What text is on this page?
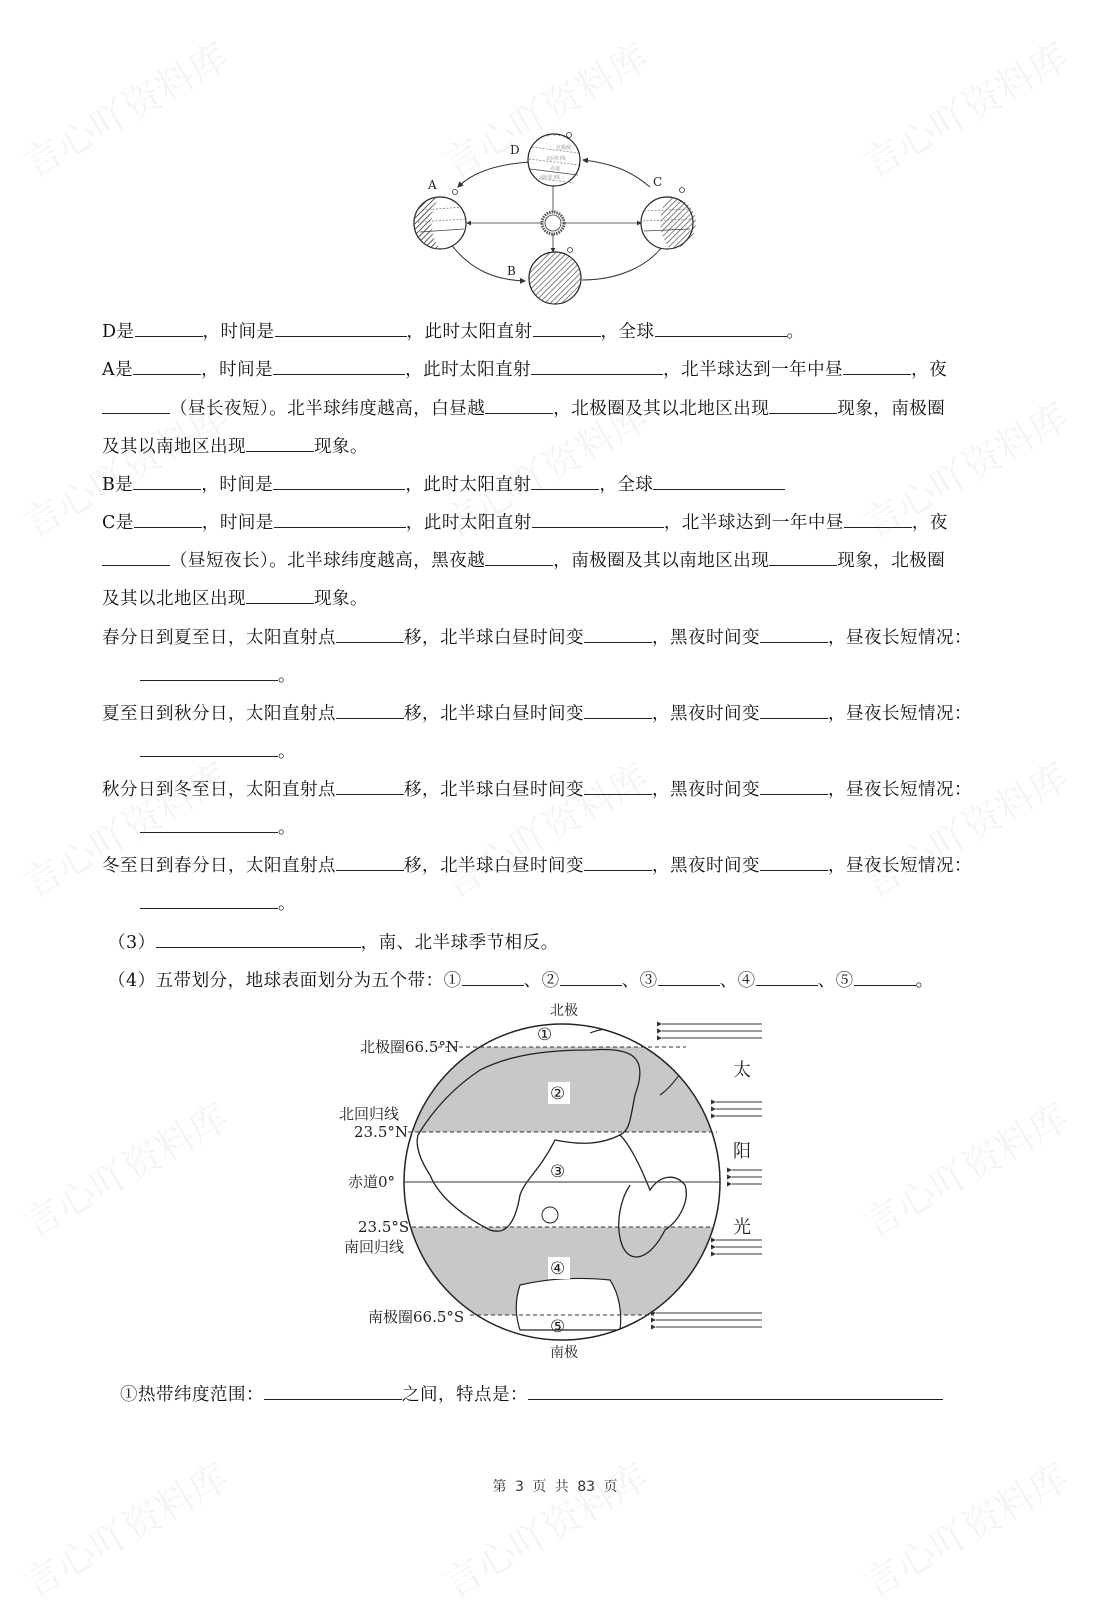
北极圈
北回归线
赤道
南回归线
D
A
B
C
D是	，时间是	，此时太阳直射	，全球	。
A是	，时间是	，此时太阳直射	，北半球达到一年中昼	，夜
（昼长夜短）。北半球纬度越高，白昼越	，北极圈及其以北地区出现	现象，南极圈
及其以南地区出现	现象。
B是	，时间是	，此时太阳直射	，全球
C是	，时间是	，此时太阳直射	，北半球达到一年中昼	，夜
（昼短夜长）。北半球纬度越高，黑夜越	，南极圈及其以南地区出现	现象，北极圈
及其以北地区出现	现象。
春分日到夏至日，太阳直射点	移，北半球白昼时间变	，黑夜时间变	，昼夜长短情况：
。
夏至日到秋分日，太阳直射点	移，北半球白昼时间变	，黑夜时间变	，昼夜长短情况：
。
秋分日到冬至日，太阳直射点	移，北半球白昼时间变	，黑夜时间变	，昼夜长短情况：
。
冬至日到春分日，太阳直射点	移，北半球白昼时间变	，黑夜时间变	，昼夜长短情况：
。
（3）	，南、北半球季节相反。
（4）五带划分，地球表面划分为五个带：①	、②	、③	、④	、⑤	。
①
②
③
④
⑤
北极
南极
北极圈66.5°N
北回归线
23.5°N
赤道0°
23.5°S
南回归线
南极圈66.5°S
太
阳
光
①热带纬度范围：	之间，特点是：
第 3 页 共 83 页
